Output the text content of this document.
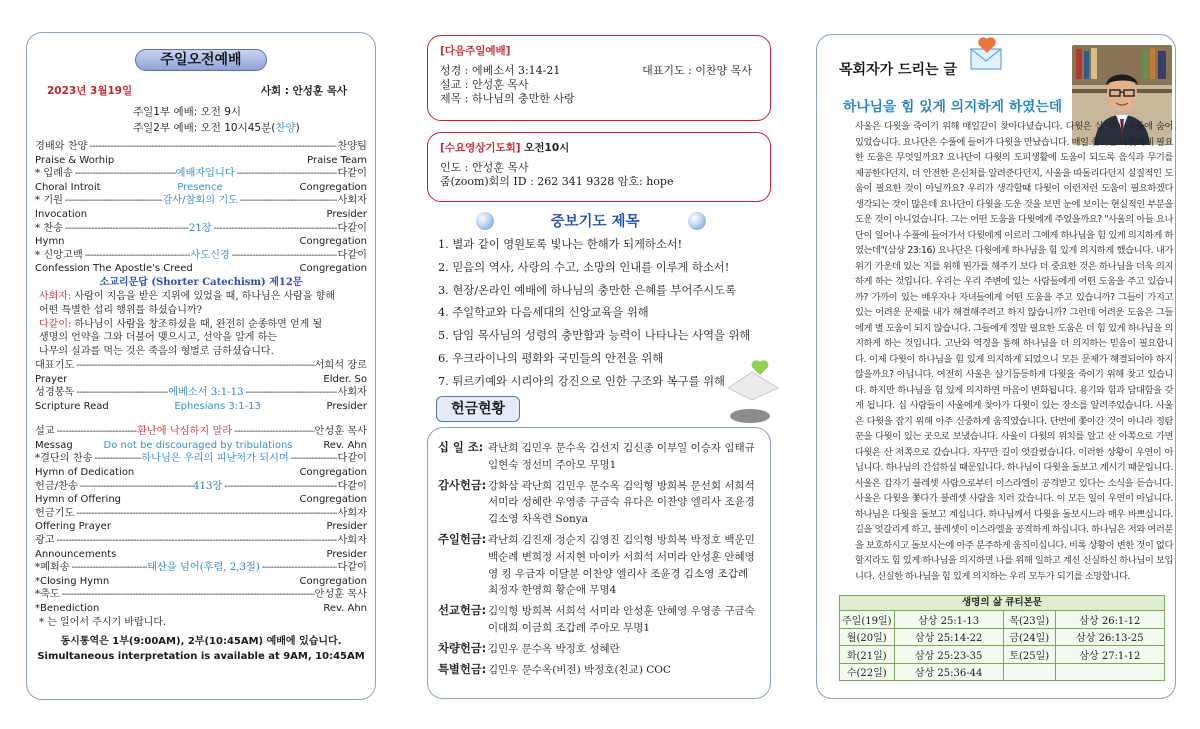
주일오전예배
2023년 3월19일	사회 : 안성훈 목사
주일1부 예배: 오전 9시
주일2부 예배: 오전 10시45분(찬양)
경배와 찬양 -----	찬양팀
Praise & Worhip	Praise Team
* 입례송 -----	예배자입니다 -----	다같이
Choral Introit	Presence	Congregation
* 기원 -----	감사/참회의 기도 -----	사회자
Invocation	Presider
* 찬송 -----	21장 -----	다같이
Hymn	Congregation
* 신앙고백 -----	사도신경 -----	다같이
Confession The Apostle's Creed	Congregation
소교리문답 (Shorter Catechism) 제12문
사회자: 사람이 지음을 받은 지위에 있었을 때, 하나님은 사람을 향해
어떤 특별한 섭리 행위를 하셨습니까?
다같이: 하나님이 사람을 창조하셨을 때, 완전히 순종하면 얻게 될
생명의 언약을 그와 더불어 맺으시고, 선악을 알게 하는
나무의 실과를 먹는 것은 죽음의 형벌로 금하셨습니다.
대표기도 -----	서희석 장로
Prayer	Elder. So
성경봉독 -----	에베소서 3:1-13 -----	사회자
Scripture Read	Ephesians 3:1-13	Presider
설교 -----	환난에 낙심하지 말라 -----	안성훈 목사
Messag	Do not be discouraged by tribulations	Rev. Ahn
*결단의 찬송 -----	하나님은 우리의 피난처가 되시며 -----	다같이
Hymn of Dedication	Congregation
헌금/찬송 -----	413장 -----	다같이
Hymn of Offering	Congregation
헌금기도 -----	사회자
Offering Prayer	Presider
광고 -----	사회자
Announcements	Presider
*폐회송 -----	태산을 넘어(후렴, 2,3절) -----	다같이
*Closing Hymn	Congregation
*축도 -----	안성훈 목사
*Benediction	Rev. Ahn
* 는 일어서 주시기 바랍니다.
동시통역은 1부(9:00AM), 2부(10:45AM) 예배에 있습니다.
Simultaneous interpretation is available at 9AM, 10:45AM
[다음주일예배]
성경 : 에베소서 3:14-21	대표기도 : 이찬양 목사
설교 : 안성훈 목사
제목 : 하나님의 충만한 사랑
[수요영상기도회] 오전10시
인도 : 안성훈 목사
줌(zoom)회의 ID : 262 341 9328 암호: hope
중보기도 제목
1. 별과 같이 영원토록 빛나는 한해가 되게하소서!
2. 믿음의 역사, 사랑의 수고, 소망의 인내를 이루게 하소서!
3. 현장/온라인 예배에 하나님의 충만한 은혜를 부어주시도록
4. 주일학교와 다음세대의 신앙교육을 위해
5. 담임 목사님의 성령의 충만함과 능력이 나타나는 사역을 위해
6. 우크라이나의 평화와 국민들의 안전을 위해
7. 튀르키예와 시리아의 강진으로 인한 구조와 복구를 위해
헌금현황
십 일 조: 곽난희 김민우 문수옥 김선지 김신종 이부일 이승자 임태규 임현숙 정선미 주아모 무명1
감사헌금: 강화삼 곽난희 김민우 문수옥 김익형 방희복 문선회 서희석 서미라 성혜란 우영종 구금숙 유다은 이찬양 엘리사 조윤경 김소영 차옥련 Sonya
주일헌금: 곽난희 김진재 정순지 김영진 김익형 방희복 박정호 백운민 백순례 변희정 서지현 마이카 서희석 서미라 안성훈 안혜영 영 킹 우금자 이달분 이찬양 엘리사 조윤경 김소영 조갑례 최정자 한영희 황순애 무명4
선교헌금: 김익형 방희복 서희석 서미라 안성훈 안혜영 우영종 구금숙 이대희 이금희 조갑례 주아모 무명1
차량헌금: 김민우 문수옥 박정호 성혜란
특별헌금: 김민우 문수옥(비전) 박정호(친교) COC
목회자가 드리는 글
하나님을 힘 있게 의지하게 하였는데

사울은 다윗을 죽이기 위해 매일같이 찾아다녔습니다. 다윗은 십 광야 수풀에 숨어 있었습니다. 요나단은 수풀에 들어가 다윗을 만났습니다. 매일 쫓기는 다윗에게 필요한 도움은 무엇일까요? 요나단이 다윗의 도피생활에 도움이 되도록 음식과 무기를 제공한다던지, 더 안전한 은신처를 알려준다던지, 사울을 따돌리다던지 실질적인 도움이 필요한 것이 아닐까요? 우리가 생각할때 다윗이 이런저런 도움이 필요하겠다 생각되는 것이 많은데 요나단이 다윗을 도운 것을 보면 눈에 보이는 현실적인 부분을 도운 것이 아니었습니다. 그는 어떤 도움을 다윗에게 주었을까요? "사울의 아들 요나단이 일어나 수풀에 들어가서 다윗에게 이르러 그에게 하나님을 힘 있게 의지하게 하였는데"(삼상 23:16) 요나단은 다윗에게 하나님을 힘 있게 의지하게 했습니다. 내가 위기 가운데 있는 지를 위해 뭔가를 해주기 보다 더 중요한 것은 하나님을 더욱 의지하게 하는 것입니다. 우리는 우리 주변에 있는 사람들에게 어떤 도움을 주고 있습니까? 가까이 있는 배우자나 자녀들에게 어떤 도움을 주고 있습니까? 그들이 가지고 있는 어려운 문제를 내가 해결해주려고 하지 않습니까? 그런데 어려운 도움은 그들에게 별 도움이 되지 않습니다. 그들에게 정말 필요한 도움은 더 힘 있게 하나님을 의지하게 하는 것입니다. 고난와 역경을 통해 하나님을 더 의지하는 믿음이 필요합니다. 이제 다윗이 하나님을 힘 있게 의지하게 되었으니 모든 문제가 해결되어야 하지 않을까요? 아닙니다. 여전히 사울은 살기등등하게 다윗을 죽이기 위해 찾고 있습니다. 하지만 하나님을 힘 있게 의지하면 마음이 변화됩니다. 용기와 힘과 담대함을 갖게 됩니다. 십 사람들이 사울에게 찾아가 다윗이 있는 장소를 알려주었습니다. 사울은 다윗을 잡기 위해 아주 신중하게 움직였습니다. 단번에 쫓아간 것이 아니라 정탐꾼을 다윗이 있는 곳으로 보냈습니다. 사울이 다윗의 위치를 알고 산 아쪽으로 가면 다윗은 산 저쪽으로 갔습니다. 자꾸만 길이 엇갈렸습니다. 이러한 상황이 우연이 아닙니다. 하나님의 간섭하심 때문입니다. 하나님이 다윗을 돌보고 계시기 때문입니다. 사울은 갑자기 블레셋 사람으로부터 이스라엘이 공격받고 있다는 소식을 듣습니다. 사울은 다윗을 쫓다가 블레셋 사람을 치러 갔습니다. 이 모든 일이 우연이 아닙니다. 하나님은 다윗을 돌보고 계십니다. 하나님께서 다윗을 돌보시느라 매우 바쁘십니다. 길을 엇갈리게 하고, 블레셋이 이스라엘을 공격하게 하십니다. 하나님은 저와 여러분을 보호하시고 돌보시는에 아주 분주하게 움직이십니다. 비록 상황이 변한 것이 없다할지라도 힘 있게 하나님을 의지하면 나를 위해 일하고 계신 신실하신 하나님이 보입니다. 신실한 하나님을 힘 있게 의지하는 우리 모두가 되기를 소망합니다.

생명의 삶 큐티본문
주일(19일)	삼상 25:1-13	목(23일)	삼상 26:1-12
월(20일)	삼상 25:14-22	금(24일)	삼상 26:13-25
화(21일)	삼상 25:23-35	토(25일)	삼상 27:1-12
수(22일)	삼상 25:36-44		
